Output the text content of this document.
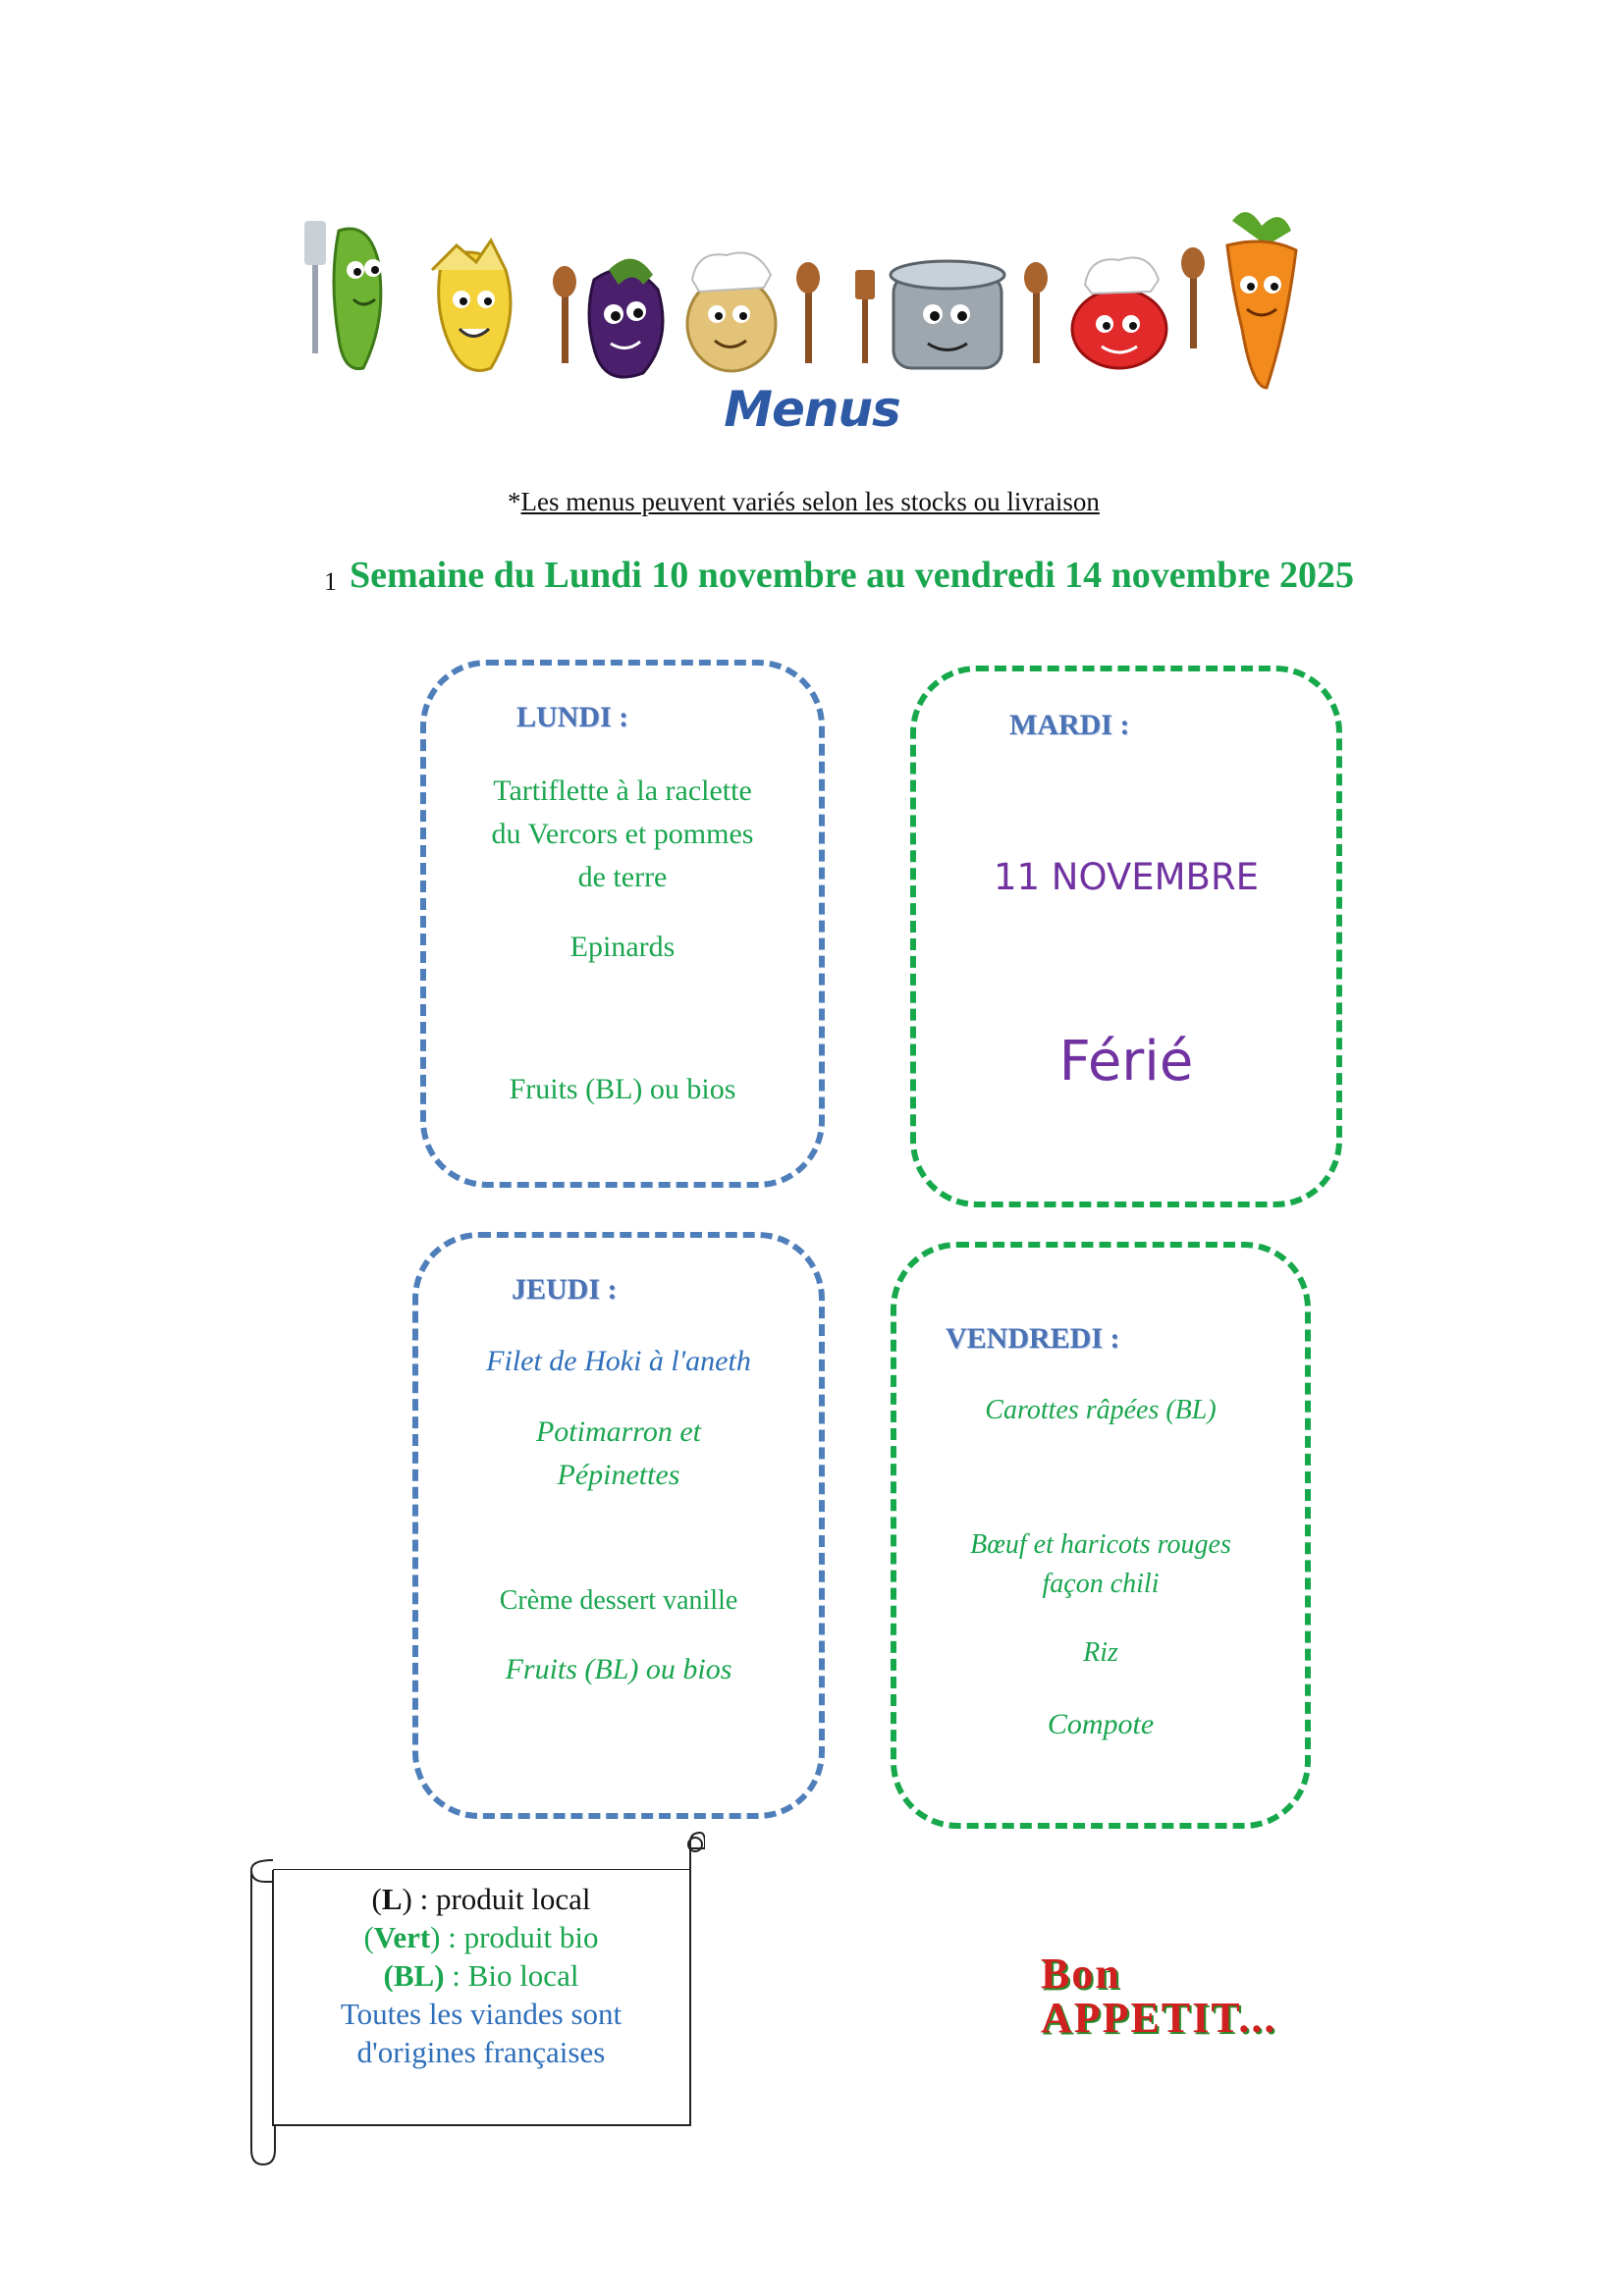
Menus
*Les menus peuvent variés selon les stocks ou livraison
1 Semaine du Lundi 10 novembre au vendredi 14 novembre 2025
LUNDI :
Tartiflette à la raclette
du Vercors et pommes
de terre
Epinards
Fruits (BL) ou bios
MARDI :
11 NOVEMBRE
Férié
JEUDI :
Filet de Hoki à l'aneth
Potimarron et
Pépinettes
Crème dessert vanille
Fruits (BL) ou bios
VENDREDI :
Carottes râpées (BL)
Bœuf et haricots rouges
façon chili
Riz
Compote
(L) : produit local
(Vert) : produit bio
(BL) : Bio local
Toutes les viandes sont
d'origines françaises
Bon
APPETIT...
